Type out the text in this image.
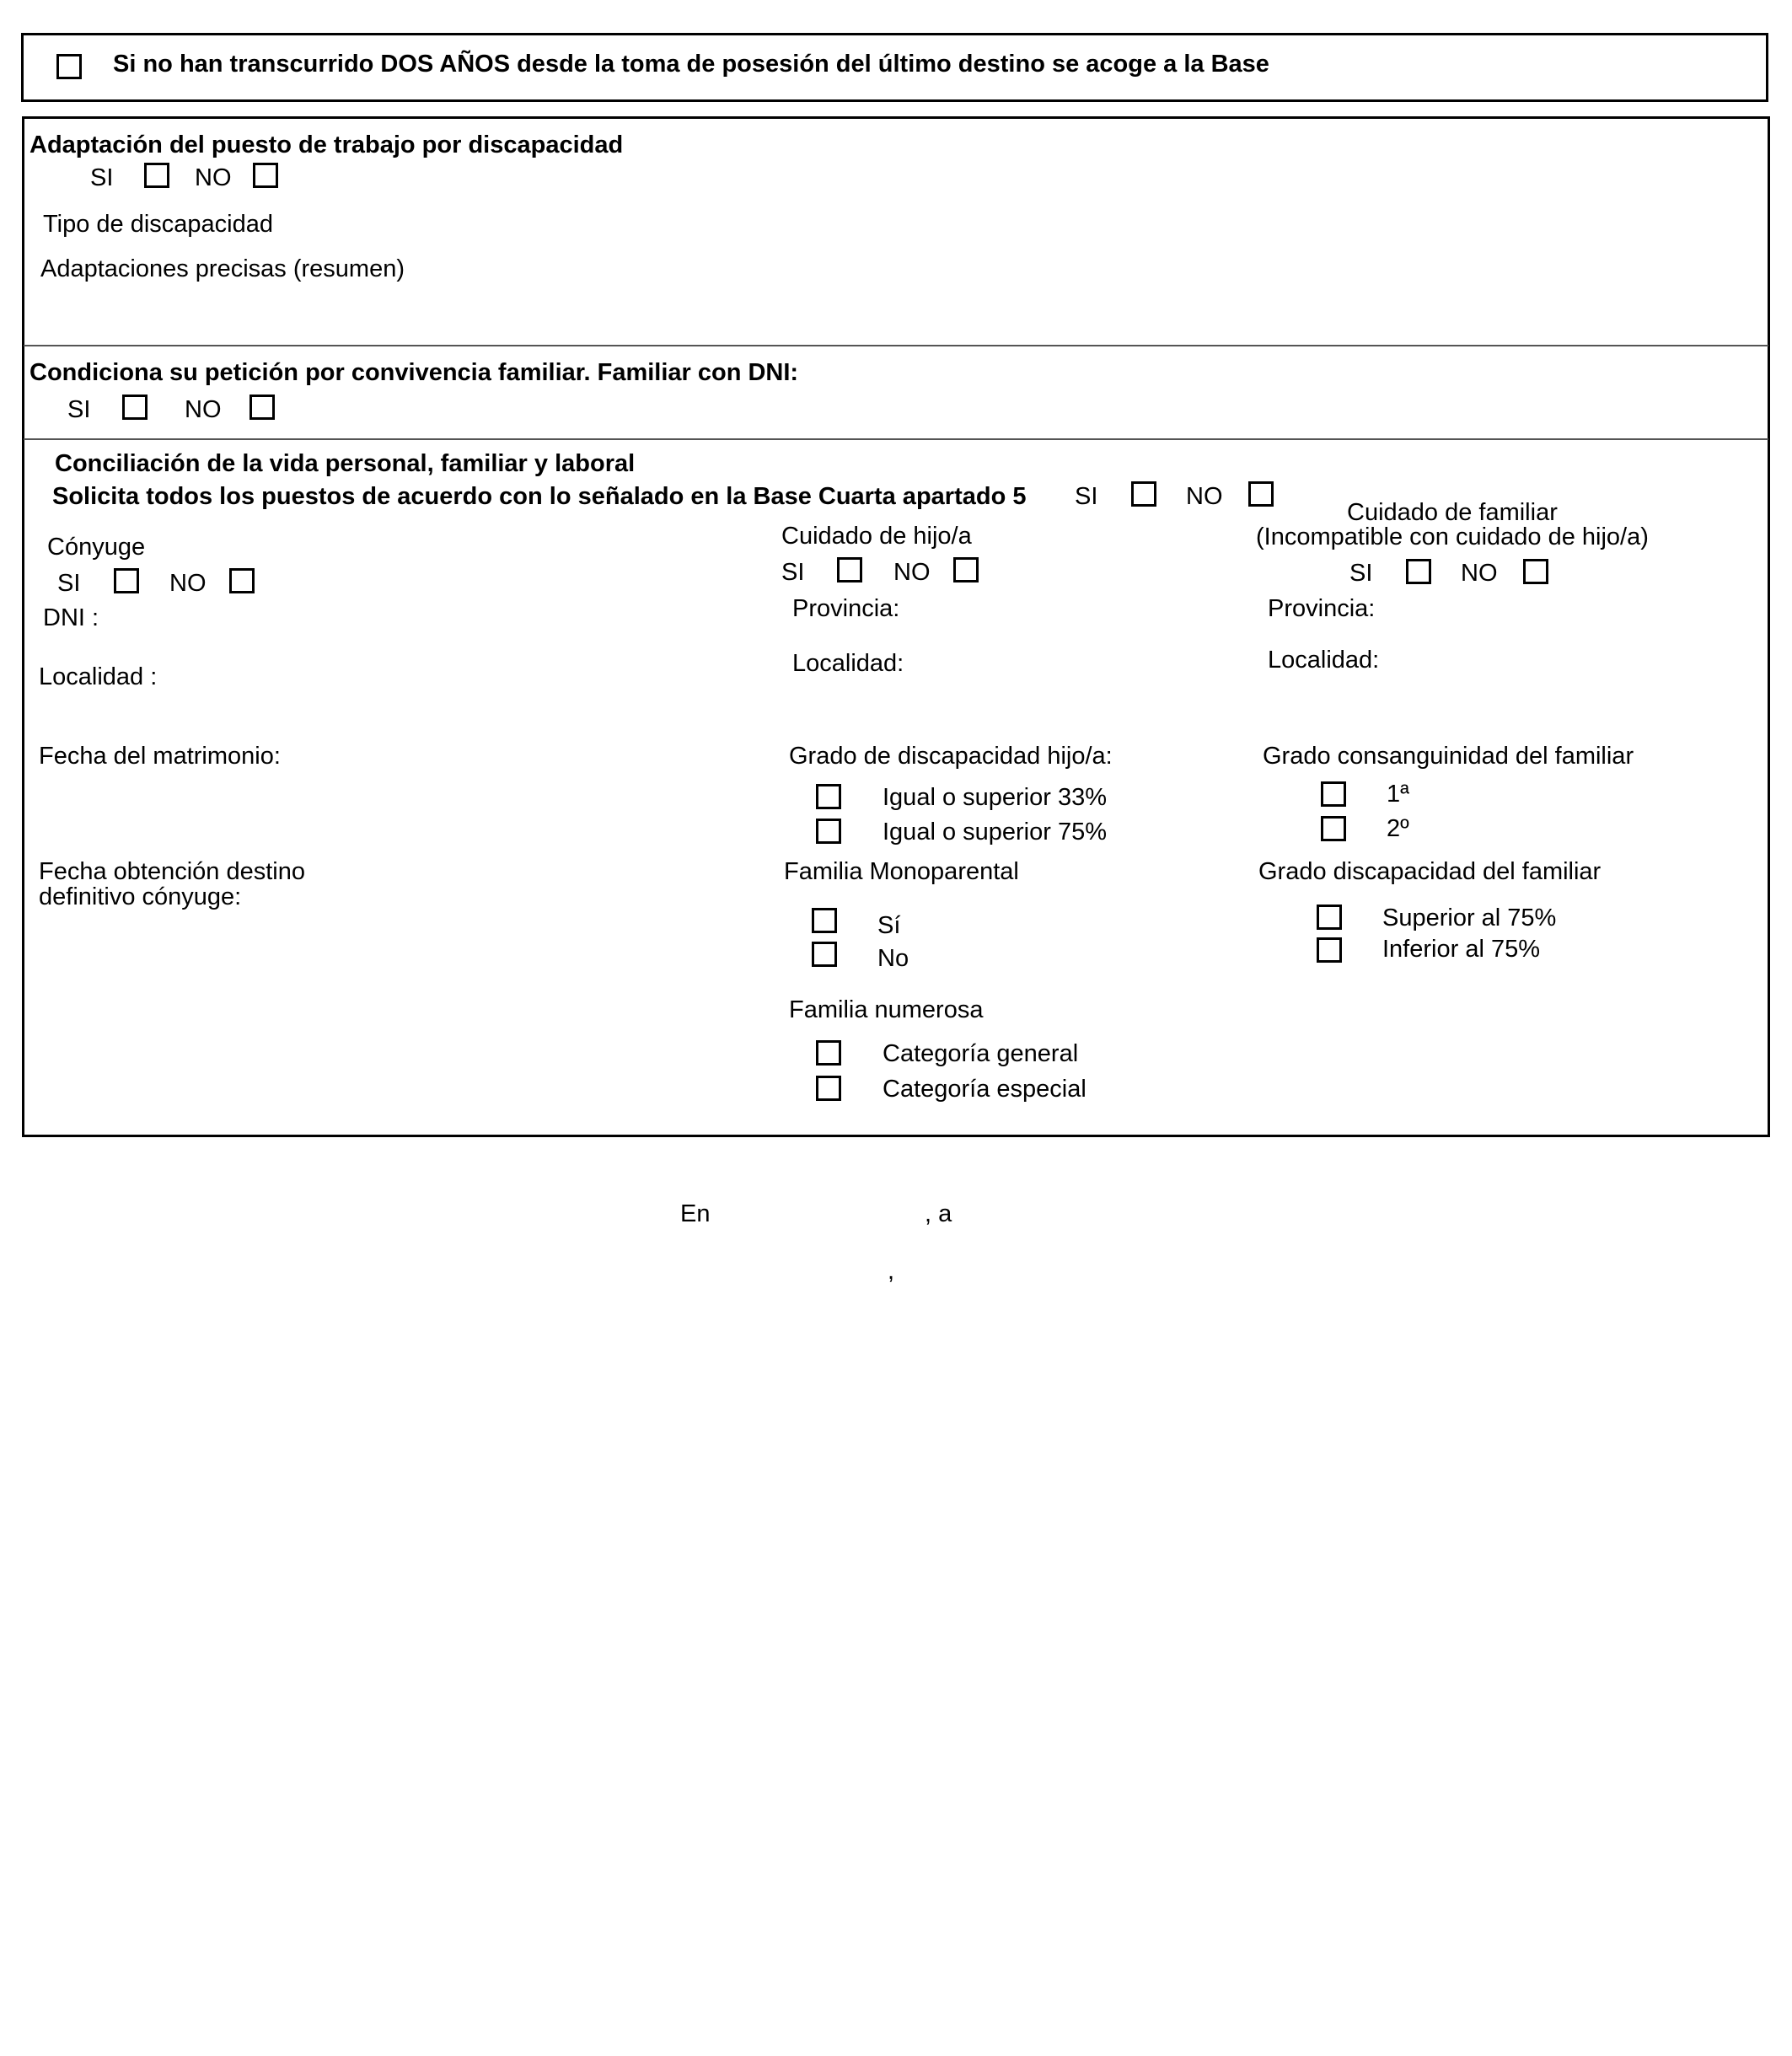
Si no han transcurrido DOS AÑOS desde la toma de posesión del último destino se acoge a la Base
Adaptación del puesto de trabajo por discapacidad
SI	NO
Tipo de discapacidad
Adaptaciones precisas (resumen)
Condiciona su petición por convivencia familiar. Familiar con DNI:
SI	NO
Conciliación de la vida personal, familiar y laboral
Solicita todos los puestos de acuerdo con lo señalado en la Base Cuarta apartado 5 SI	NO
Cónyuge
SI	NO
DNI :
Localidad :
Fecha del matrimonio:
Fecha obtención destino
definitivo cónyuge:
Cuidado de hijo/a
SI	NO
Provincia:
Localidad:
Grado de discapacidad hijo/a:
Igual o superior 33%
Igual o superior 75%
Familia Monoparental
Sí
No
Familia numerosa
Categoría general
Categoría especial
Cuidado de familiar
(Incompatible con cuidado de hijo/a)
SI	NO
Provincia:
Localidad:
Grado consanguinidad del familiar
1ª
2º
Grado discapacidad del familiar
Superior al 75%
Inferior al 75%
En	, a
,
